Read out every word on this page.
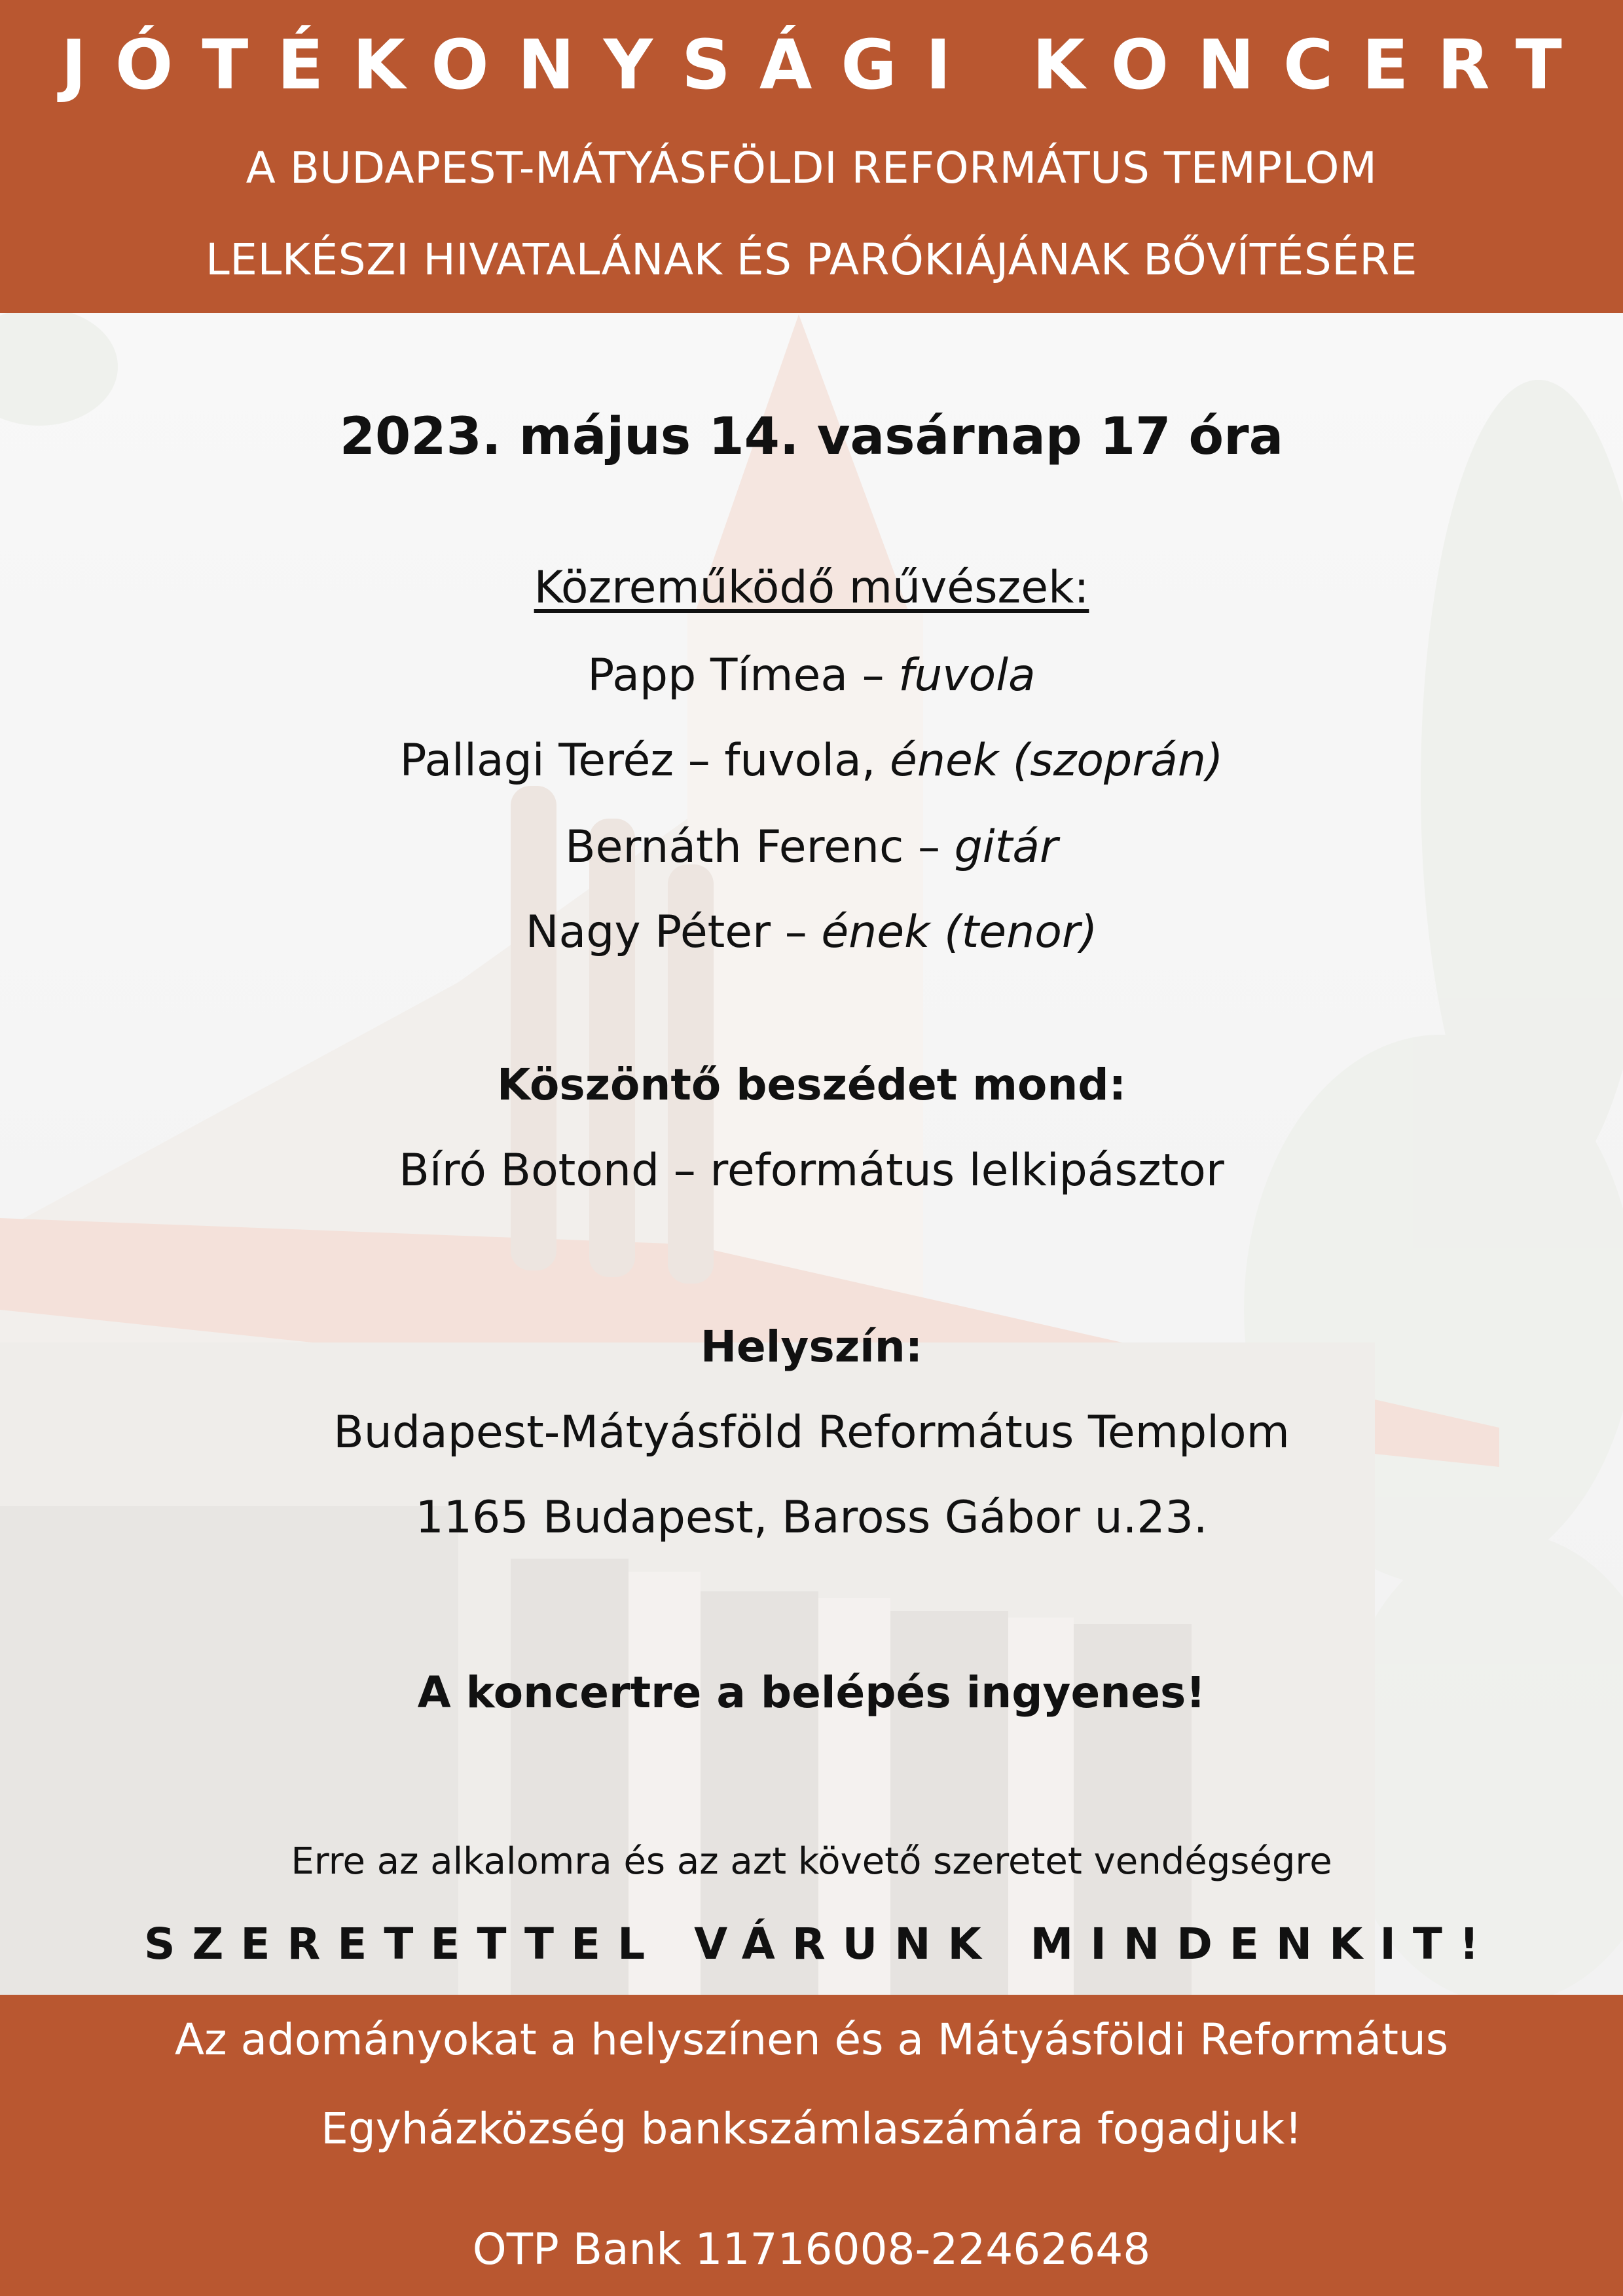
JÓTÉKONYSÁGI KONCERT
A BUDAPEST-MÁTYÁSFÖLDI REFORMÁTUS TEMPLOM
LELKÉSZI HIVATALÁNAK ÉS PARÓKIÁJÁNAK BŐVÍTÉSÉRE
2023. május 14. vasárnap 17 óra
Közreműködő művészek:
Papp Tímea – fuvola
Pallagi Teréz – fuvola, ének (szoprán)
Bernáth Ferenc – gitár
Nagy Péter – ének (tenor)
Köszöntő beszédet mond:
Bíró Botond – református lelkipásztor
Helyszín:
Budapest-Mátyásföld Református Templom
1165 Budapest, Baross Gábor u.23.
A koncertre a belépés ingyenes!
Erre az alkalomra és az azt követő szeretet vendégségre
SZERETETTEL VÁRUNK MINDENKIT!
Az adományokat a helyszínen és a Mátyásföldi Református
Egyházközség bankszámlaszámára fogadjuk!
OTP Bank 11716008-22462648
